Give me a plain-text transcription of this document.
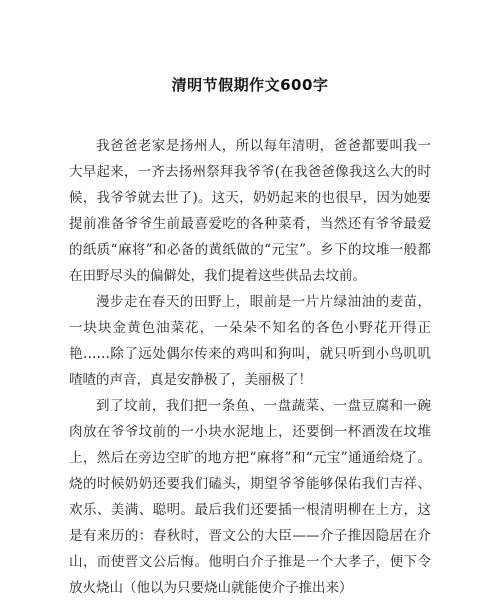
清明节假期作文600字

我爸爸老家是扬州人，所以每年清明，爸爸都要叫我一大早起来，一齐去扬州祭拜我爷爷(在我爸爸像我这么大的时候，我爷爷就去世了)。这天，奶奶起来的也很早，因为她要提前准备爷爷生前最喜爱吃的各种菜肴，当然还有爷爷最爱的纸质“麻将”和必备的黄纸做的“元宝”。乡下的坟堆一般都在田野尽头的偏僻处，我们提着这些供品去坟前。

漫步走在春天的田野上，眼前是一片片绿油油的麦苗，一块块金黄色油菜花，一朵朵不知名的各色小野花开得正艳……除了远处偶尔传来的鸡叫和狗叫，就只听到小鸟叽叽喳喳的声音，真是安静极了，美丽极了！

到了坟前，我们把一条鱼、一盘蔬菜、一盘豆腐和一碗肉放在爷爷坟前的一小块水泥地上，还要倒一杯酒泼在坟堆上，然后在旁边空旷的地方把“麻将”和“元宝”通通给烧了。烧的时候奶奶还要我们磕头，期望爷爷能够保佑我们吉祥、欢乐、美满、聪明。最后我们还要插一根清明柳在上方，这是有来历的：春秋时，晋文公的大臣——介子推因隐居在介山，而使晋文公后悔。他明白介子推是一个大孝子，便下令放火烧山（他以为只要烧山就能使介子推出来）
